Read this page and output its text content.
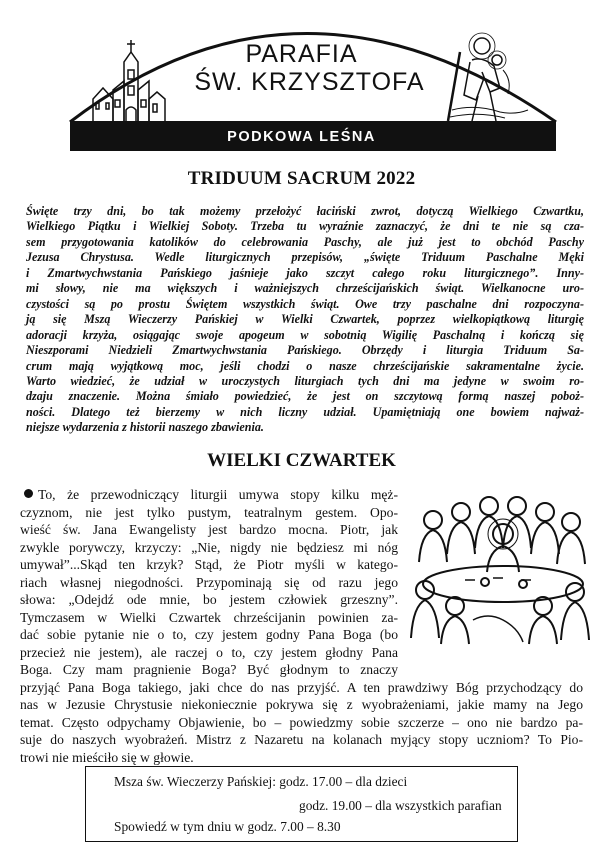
PARAFIA
ŚW. KRZYSZTOFA
PODKOWA LEŚNA
TRIDUUM SACRUM 2022

Święte trzy dni, bo tak możemy przełożyć łaciński zwrot, dotyczą Wielkiego Czwartku,
Wielkiego Piątku i Wielkiej Soboty. Trzeba tu wyraźnie zaznaczyć, że dni te nie są cza-
sem przygotowania katolików do celebrowania Paschy, ale już jest to obchód Paschy
Jezusa Chrystusa. Wedle liturgicznych przepisów, „święte Triduum Paschalne Męki
i Zmartwychwstania Pańskiego jaśnieje jako szczyt całego roku liturgicznego”. Inny-
mi słowy, nie ma większych i ważniejszych chrześcijańskich świąt. Wielkanocne uro-
czystości są po prostu Świętem wszystkich świąt. Owe trzy paschalne dni rozpoczyna-
ją się Mszą Wieczerzy Pańskiej w Wielki Czwartek, poprzez wielkopiątkową liturgię
adoracji krzyża, osiągając swoje apogeum w sobotnią Wigilię Paschalną i kończą się
Nieszporami Niedzieli Zmartwychwstania Pańskiego. Obrzędy i liturgia Triduum Sa-
crum mają wyjątkową moc, jeśli chodzi o nasze chrześcijańskie sakramentalne życie.
Warto wiedzieć, że udział w uroczystych liturgiach tych dni ma jedyne w swoim ro-
dzaju znaczenie. Można śmiało powiedzieć, że jest on szczytową formą naszej poboż-
ności. Dlatego też bierzemy w nich liczny udział. Upamiętniają one bowiem najważ-
niejsze wydarzenia z historii naszego zbawienia.

WIELKI CZWARTEK
To, że przewodniczący liturgii umywa stopy kilku męż-
czyznom, nie jest tylko pustym, teatralnym gestem. Opo-
wieść św. Jana Ewangelisty jest bardzo mocna. Piotr, jak
zwykle porywczy, krzyczy: „Nie, nigdy nie będziesz mi nóg
umywał”...Skąd ten krzyk? Stąd, że Piotr myśli w katego-
riach własnej niegodności. Przypominają się od razu jego
słowa: „Odejdź ode mnie, bo jestem człowiek grzeszny”.
Tymczasem w Wielki Czwartek chrześcijanin powinien za-
dać sobie pytanie nie o to, czy jestem godny Pana Boga (bo
przecież nie jestem), ale raczej o to, czy jestem głodny Pana
Boga. Czy mam pragnienie Boga? Być głodnym to znaczy
przyjąć Pana Boga takiego, jaki chce do nas przyjść. A ten prawdziwy Bóg przychodzący do
nas w Jezusie Chrystusie niekoniecznie pokrywa się z wyobrażeniami, jakie mamy na Jego
temat. Często odpychamy Objawienie, bo – powiedzmy sobie szczerze – ono nie bardzo pa-
suje do naszych wyobrażeń. Mistrz z Nazaretu na kolanach myjący stopy uczniom? To Pio-
trowi nie mieściło się w głowie.
Msza św. Wieczerzy Pańskiej: godz. 17.00 – dla dzieci
godz. 19.00 – dla wszystkich parafian
Spowiedź w tym dniu w godz. 7.00 – 8.30
